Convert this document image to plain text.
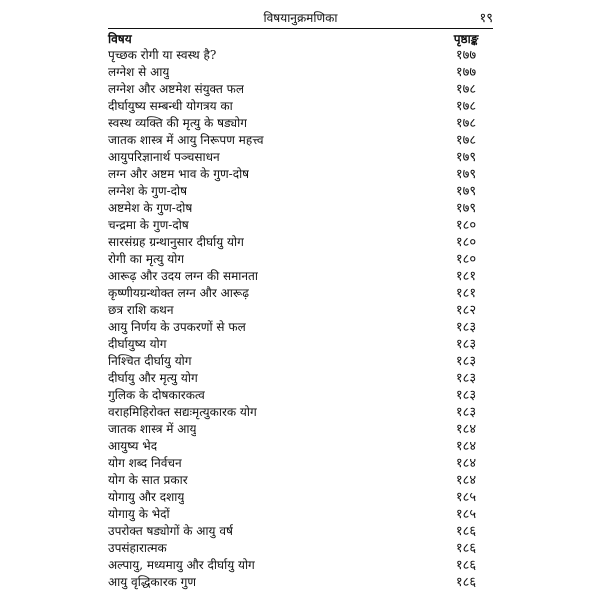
विषयानुक्रमणिका	१९
विषय	पृष्ठाङ्क
पृच्छक रोगी या स्वस्थ है?	१७७
लग्नेश से आयु	१७७
लग्नेश और अष्टमेश संयुक्त फल	१७८
दीर्घायुष्य सम्बन्धी योगत्रय का	१७८
स्वस्थ व्यक्ति की मृत्यु के षड्योग	१७८
जातक शास्त्र में आयु निरूपण महत्त्व	१७८
आयुपरिज्ञानार्थ पञ्चसाधन	१७९
लग्न और अष्टम भाव के गुण-दोष	१७९
लग्नेश के गुण-दोष	१७९
अष्टमेश के गुण-दोष	१७९
चन्द्रमा के गुण-दोष	१८०
सारसंग्रह ग्रन्थानुसार दीर्घायु योग	१८०
रोगी का मृत्यु योग	१८०
आरूढ़ और उदय लग्न की समानता	१८१
कृष्णीयग्रन्थोक्त लग्न और आरूढ़	१८१
छत्र राशि कथन	१८२
आयु निर्णय के उपकरणों से फल	१८३
दीर्घायुष्य योग	१८३
निश्चित दीर्घायु योग	१८३
दीर्घायु और मृत्यु योग	१८३
गुलिक के दोषकारकत्व	१८३
वराहमिहिरोक्त सद्यःमृत्युकारक योग	१८३
जातक शास्त्र में आयु	१८४
आयुष्य भेद	१८४
योग शब्द निर्वचन	१८४
योग के सात प्रकार	१८४
योगायु और दशायु	१८५
योगायु के भेदों	१८५
उपरोक्त षड्योगों के आयु वर्ष	१८६
उपसंहारात्मक	१८६
अल्पायु, मध्यमायु और दीर्घायु योग	१८६
आयु वृद्धिकारक गुण	१८६
